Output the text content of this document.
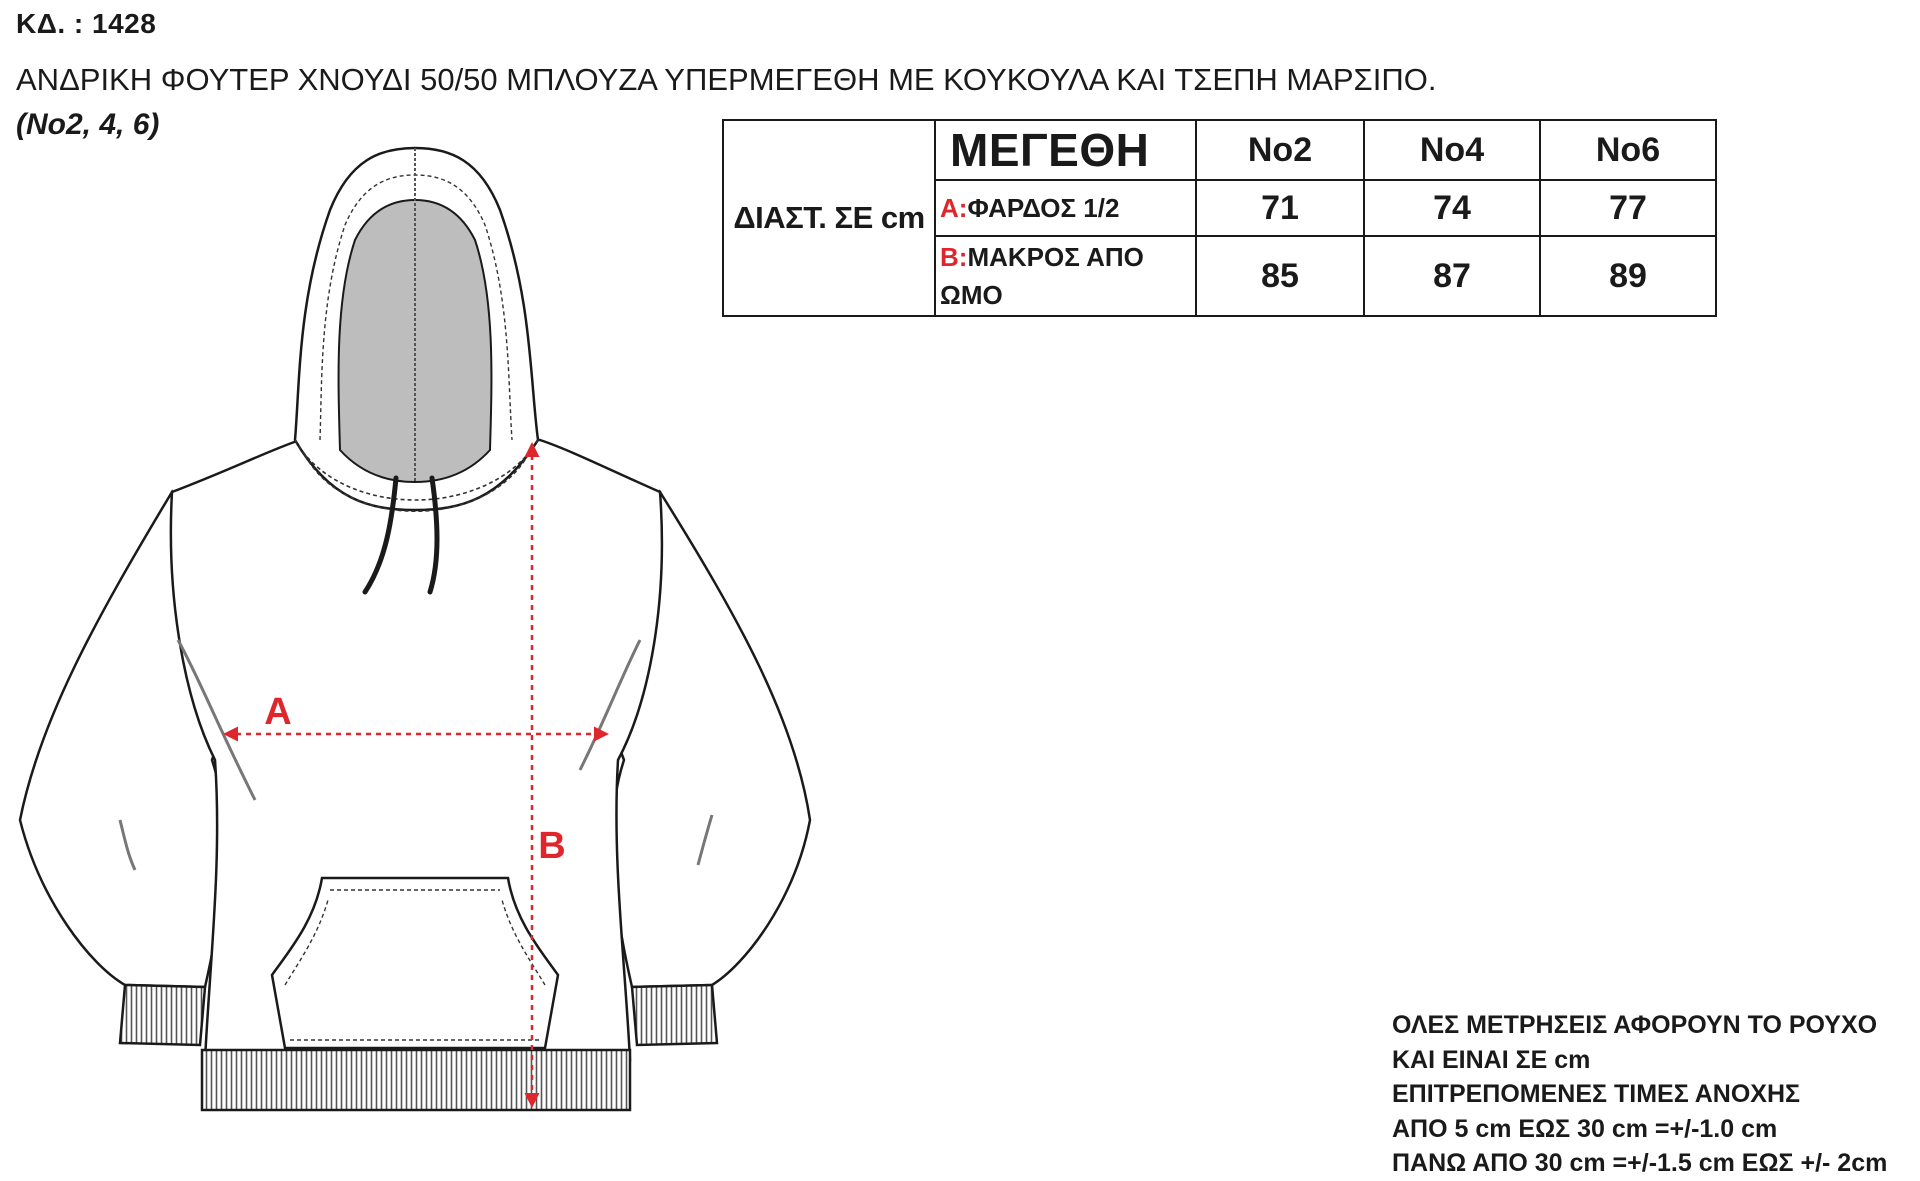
ΚΔ. : 1428
ΑΝΔΡΙΚΗ ΦΟΥΤΕΡ ΧΝΟΥΔΙ 50/50 ΜΠΛΟΥΖΑ ΥΠΕΡΜΕΓΕΘΗ ΜΕ ΚΟΥΚΟΥΛΑ ΚΑΙ ΤΣΕΠΗ ΜΑΡΣΙΠΟ.
(No2, 4, 6)
ΔΙΑΣΤ. ΣΕ cm	ΜΕΓΕΘΗ	No2	No4	No6
	A:ΦΑΡΔΟΣ 1/2	71	74	77
	B:ΜΑΚΡΟΣ ΑΠΟ ΩΜΟ	85	87	89
A
B
ΟΛΕΣ ΜΕΤΡΗΣΕΙΣ ΑΦΟΡΟΥΝ ΤΟ ΡΟΥΧΟ
ΚΑΙ ΕΙΝΑΙ ΣΕ cm
ΕΠΙΤΡΕΠΟΜΕΝΕΣ ΤΙΜΕΣ ΑΝΟΧΗΣ
ΑΠΟ 5 cm ΕΩΣ 30 cm =+/-1.0 cm
ΠΑΝΩ ΑΠΟ 30 cm =+/-1.5 cm ΕΩΣ +/- 2cm
